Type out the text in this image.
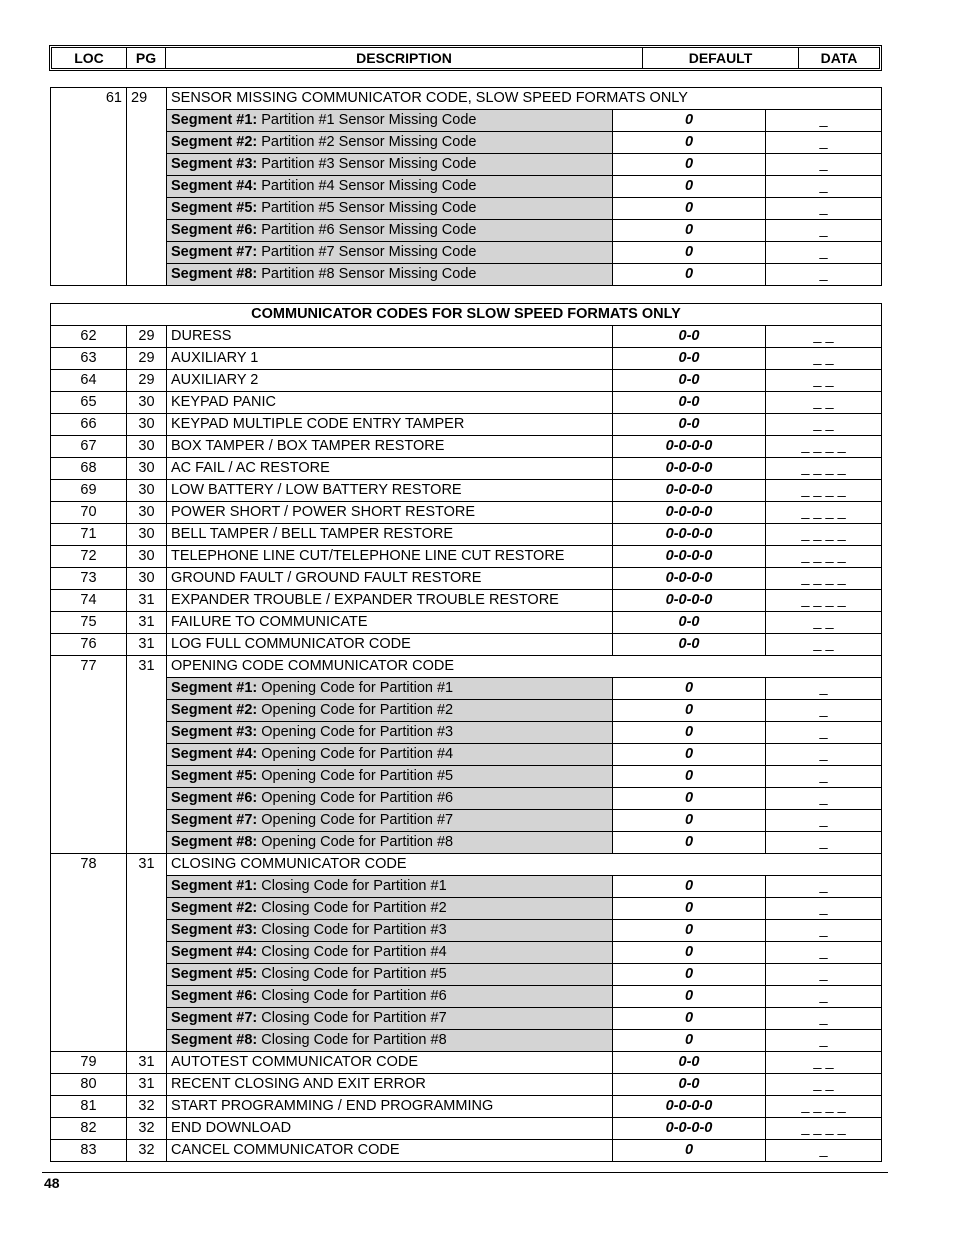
LOC	PG	DESCRIPTION	DEFAULT	DATA
61	29	SENSOR MISSING COMMUNICATOR CODE, SLOW SPEED FORMATS ONLY		
		Segment #1: Partition #1 Sensor Missing Code	0	_
		Segment #2: Partition #2 Sensor Missing Code	0	_
		Segment #3: Partition #3 Sensor Missing Code	0	_
		Segment #4: Partition #4 Sensor Missing Code	0	_
		Segment #5: Partition #5 Sensor Missing Code	0	_
		Segment #6: Partition #6 Sensor Missing Code	0	_
		Segment #7: Partition #7 Sensor Missing Code	0	_
		Segment #8: Partition #8 Sensor Missing Code	0	_
COMMUNICATOR CODES FOR SLOW SPEED FORMATS ONLY				
62	29	DURESS	0-0	_ _
63	29	AUXILIARY 1	0-0	_ _
64	29	AUXILIARY 2	0-0	_ _
65	30	KEYPAD PANIC	0-0	_ _
66	30	KEYPAD MULTIPLE CODE ENTRY TAMPER	0-0	_ _
67	30	BOX TAMPER / BOX TAMPER RESTORE	0-0-0-0	_ _ _ _
68	30	AC FAIL / AC RESTORE	0-0-0-0	_ _ _ _
69	30	LOW BATTERY / LOW BATTERY RESTORE	0-0-0-0	_ _ _ _
70	30	POWER SHORT / POWER SHORT RESTORE	0-0-0-0	_ _ _ _
71	30	BELL TAMPER / BELL TAMPER RESTORE	0-0-0-0	_ _ _ _
72	30	TELEPHONE LINE CUT/TELEPHONE LINE CUT RESTORE	0-0-0-0	_ _ _ _
73	30	GROUND FAULT / GROUND FAULT RESTORE	0-0-0-0	_ _ _ _
74	31	EXPANDER TROUBLE / EXPANDER TROUBLE RESTORE	0-0-0-0	_ _ _ _
75	31	FAILURE TO COMMUNICATE	0-0	_ _
76	31	LOG FULL COMMUNICATOR CODE	0-0	_ _
77	31	OPENING CODE COMMUNICATOR CODE		
		Segment #1: Opening Code for Partition #1	0	_
		Segment #2: Opening Code for Partition #2	0	_
		Segment #3: Opening Code for Partition #3	0	_
		Segment #4: Opening Code for Partition #4	0	_
		Segment #5: Opening Code for Partition #5	0	_
		Segment #6: Opening Code for Partition #6	0	_
		Segment #7: Opening Code for Partition #7	0	_
		Segment #8: Opening Code for Partition #8	0	_
78	31	CLOSING COMMUNICATOR CODE		
		Segment #1: Closing Code for Partition #1	0	_
		Segment #2: Closing Code for Partition #2	0	_
		Segment #3: Closing Code for Partition #3	0	_
		Segment #4: Closing Code for Partition #4	0	_
		Segment #5: Closing Code for Partition #5	0	_
		Segment #6: Closing Code for Partition #6	0	_
		Segment #7: Closing Code for Partition #7	0	_
		Segment #8: Closing Code for Partition #8	0	_
79	31	AUTOTEST COMMUNICATOR CODE	0-0	_ _
80	31	RECENT CLOSING AND EXIT ERROR	0-0	_ _
81	32	START PROGRAMMING / END PROGRAMMING	0-0-0-0	_ _ _ _
82	32	END DOWNLOAD	0-0-0-0	_ _ _ _
83	32	CANCEL COMMUNICATOR CODE	0	_
48
